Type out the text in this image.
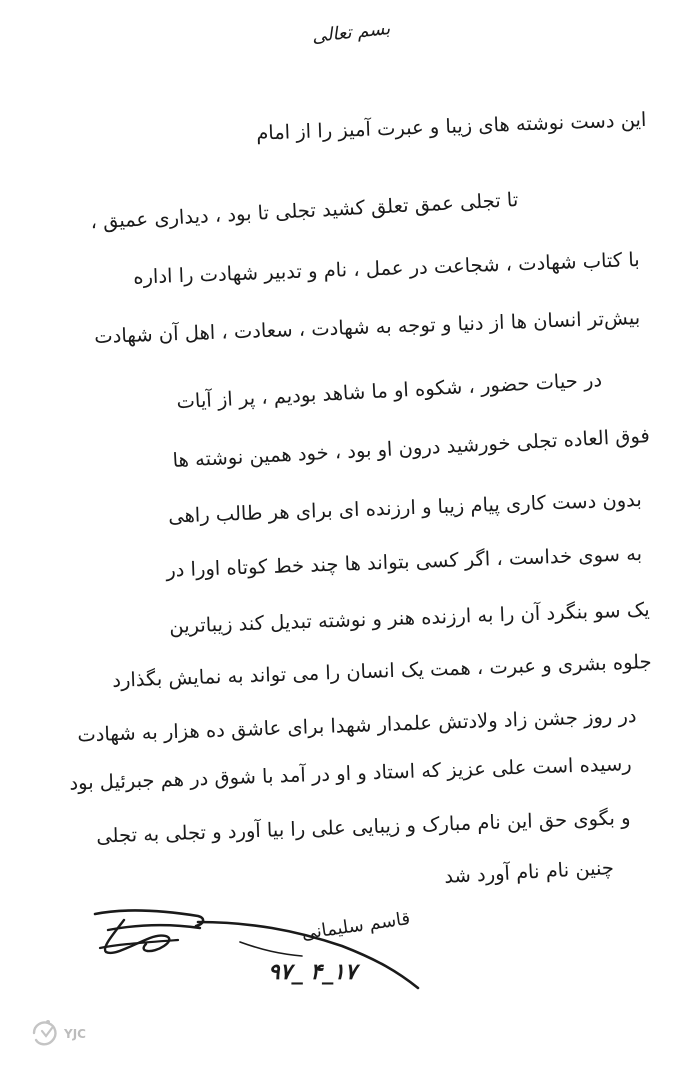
بسم تعالی
این دست نوشته های زیبا و عبرت آمیز را از امام
تا تجلی عمق تعلق کشید تجلی تا بود ، دیداری عمیق ،
با کتاب شهادت ، شجاعت در عمل ، نام و تدبیر شهادت را اداره
بیش‌تر انسان ها از دنیا و توجه به شهادت ، سعادت ، اهل آن شهادت
در حیات حضور ، شکوه او ما شاهد بودیم ، پر از آیات
فوق العاده تجلی خورشید درون او بود ، خود همین نوشته ها
بدون دست کاری پیام زیبا و ارزنده ای برای هر طالب راهی
به سوی خداست ، اگر کسی بتواند ها چند خط کوتاه اورا در
یک سو بنگرد آن را به ارزنده هنر و نوشته تبدیل کند زیباترین
جلوه بشری و عبرت ، همت یک انسان را می تواند به نمایش بگذارد
در روز جشن زاد ولادتش علمدار شهدا برای عاشق ده هزار به شهادت
رسیده است علی عزیز که استاد و او در آمد با شوق در هم جبرئیل بود
و بگوی حق این نام مبارک و زیبایی علی را بیا آورد و تجلی به تجلی
چنین نام نام آورد شد
قاسم سلیمانی
۹۷_ ۴_۱۷
YJC
